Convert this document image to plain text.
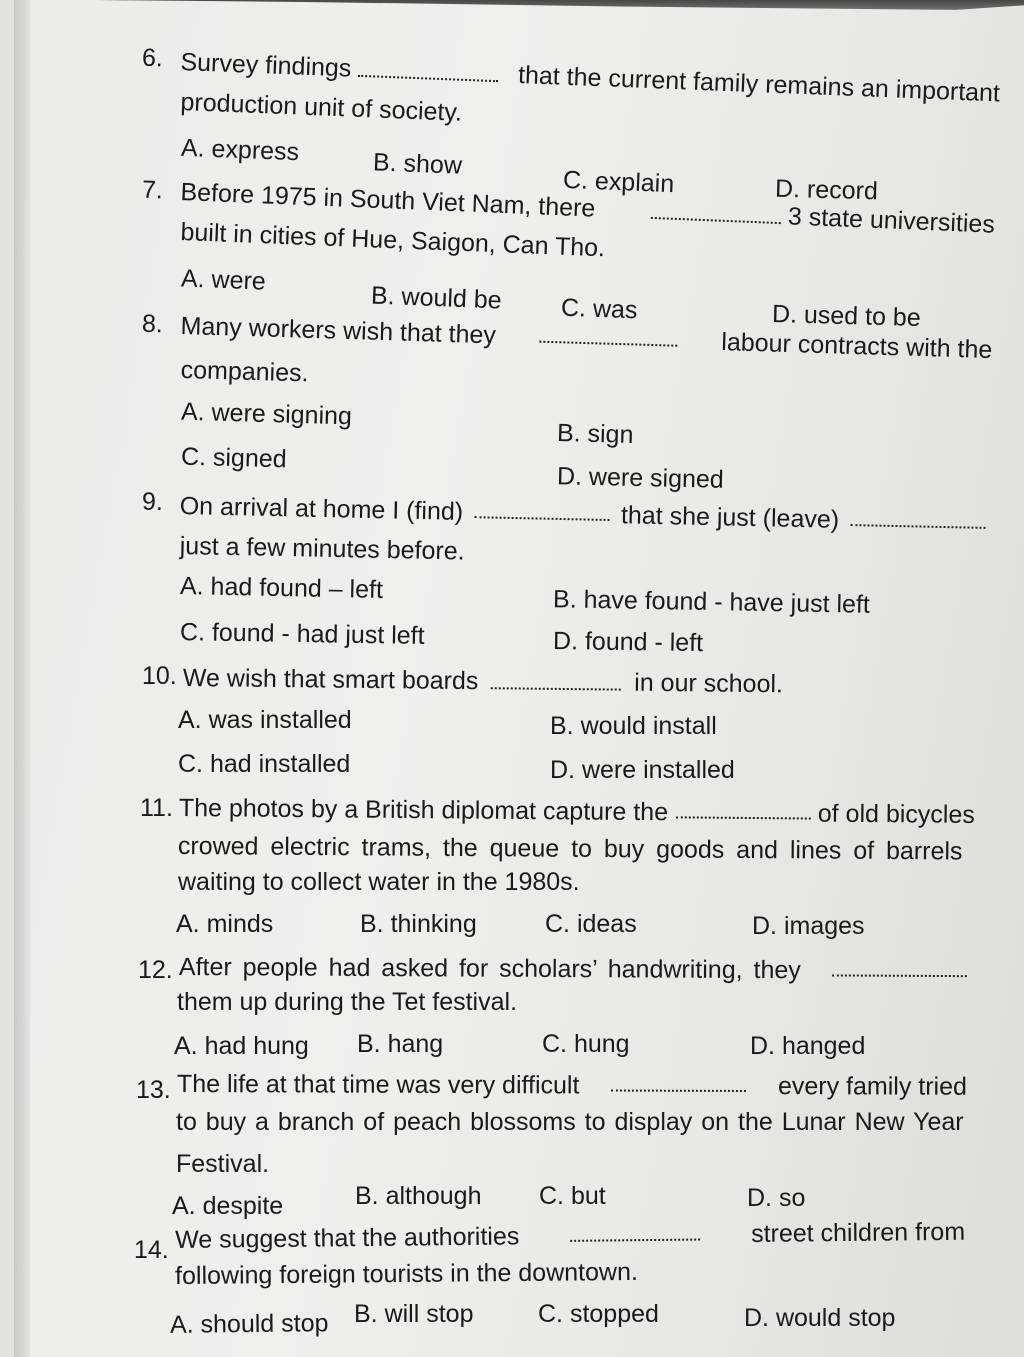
6. Survey findings	that the current family remains an important
production unit of society.
A. express	B. show
C. explain	D. record
7. Before 1975 in South Viet Nam, there	3 state universities
built in cities of Hue, Saigon, Can Tho.
A. were
B. would be C. was	D. used to be
8. Many workers wish that they	labour contracts with the
companies.
A. were signing
B. sign
C. signed
D. were signed
9. On arrival at home I (find)	that she just (leave)
just a few minutes before.
A. had found – left	B. have found - have just left
C. found - had just left	D. found - left
10. We wish that smart boards	in our school.
A. was installed	B. would install
C. had installed	D. were installed
11. The photos by a British diplomat capture the	of old bicycles
crowed electric trams, the queue to buy goods and lines of barrels
waiting to collect water in the 1980s.
A. minds	B. thinking	C. ideas	D. images
12. After people had asked for scholars’ handwriting, they
them up during the Tet festival.
A. had hung B. hang	C. hung	D. hanged
13. The life at that time was very difficult	every family tried
to buy a branch of peach blossoms to display on the Lunar New Year
Festival.
A. despite	B. although C. but	D. so
14. We suggest that the authorities	street children from
following foreign tourists in the downtown.
A. should stop B. will stop	C. stopped	D. would stop
